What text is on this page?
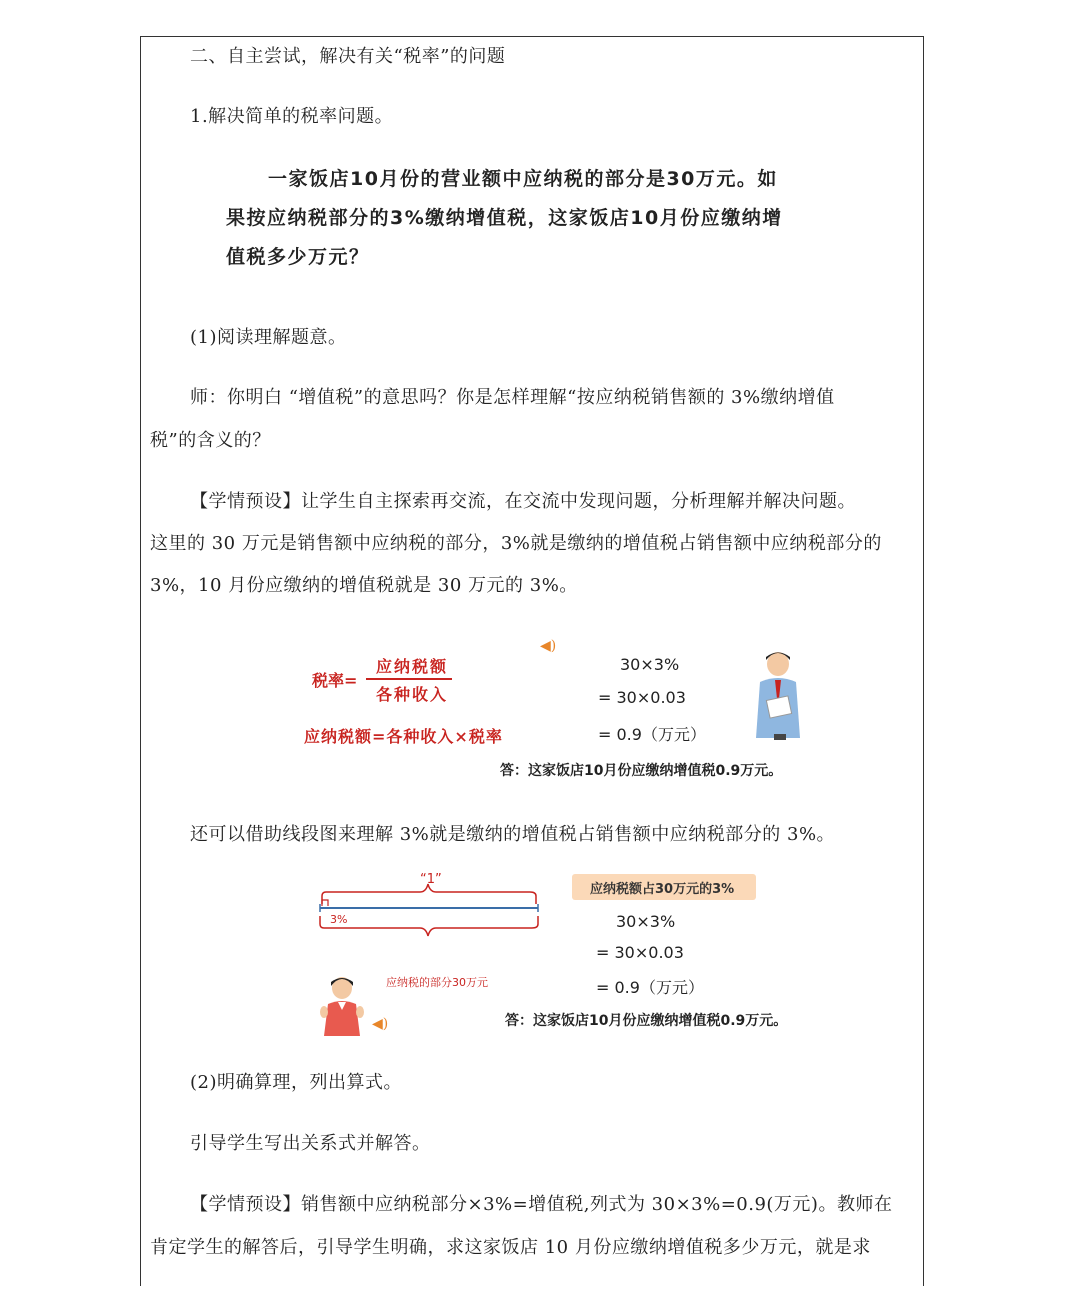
二、自主尝试，解决有关“税率”的问题
1.解决简单的税率问题。
一家饭店10月份的营业额中应纳税的部分是30万元。如
果按应纳税部分的3%缴纳增值税，这家饭店10月份应缴纳增
值税多少万元？
(1)阅读理解题意。
师：你明白 “增值税”的意思吗？你是怎样理解“按应纳税销售额的 3%缴纳增值
税”的含义的？
【学情预设】让学生自主探索再交流，在交流中发现问题，分析理解并解决问题。
这里的 30 万元是销售额中应纳税的部分，3%就是缴纳的增值税占销售额中应纳税部分的
3%，10 月份应缴纳的增值税就是 30 万元的 3%。
税率=
应纳税额
各种收入
应纳税额=各种收入×税率
◀)
30×3%
= 30×0.03
= 0.9（万元）
答：这家饭店10月份应缴纳增值税0.9万元。
还可以借助线段图来理解 3%就是缴纳的增值税占销售额中应纳税部分的 3%。
“1”
3%
应纳税的部分30万元
◀)
应纳税额占30万元的3%
30×3%
= 30×0.03
= 0.9（万元）
答：这家饭店10月份应缴纳增值税0.9万元。
(2)明确算理，列出算式。
引导学生写出关系式并解答。
【学情预设】销售额中应纳税部分×3%=增值税,列式为 30×3%=0.9(万元)。教师在
肯定学生的解答后，引导学生明确，求这家饭店 10 月份应缴纳增值税多少万元，就是求
